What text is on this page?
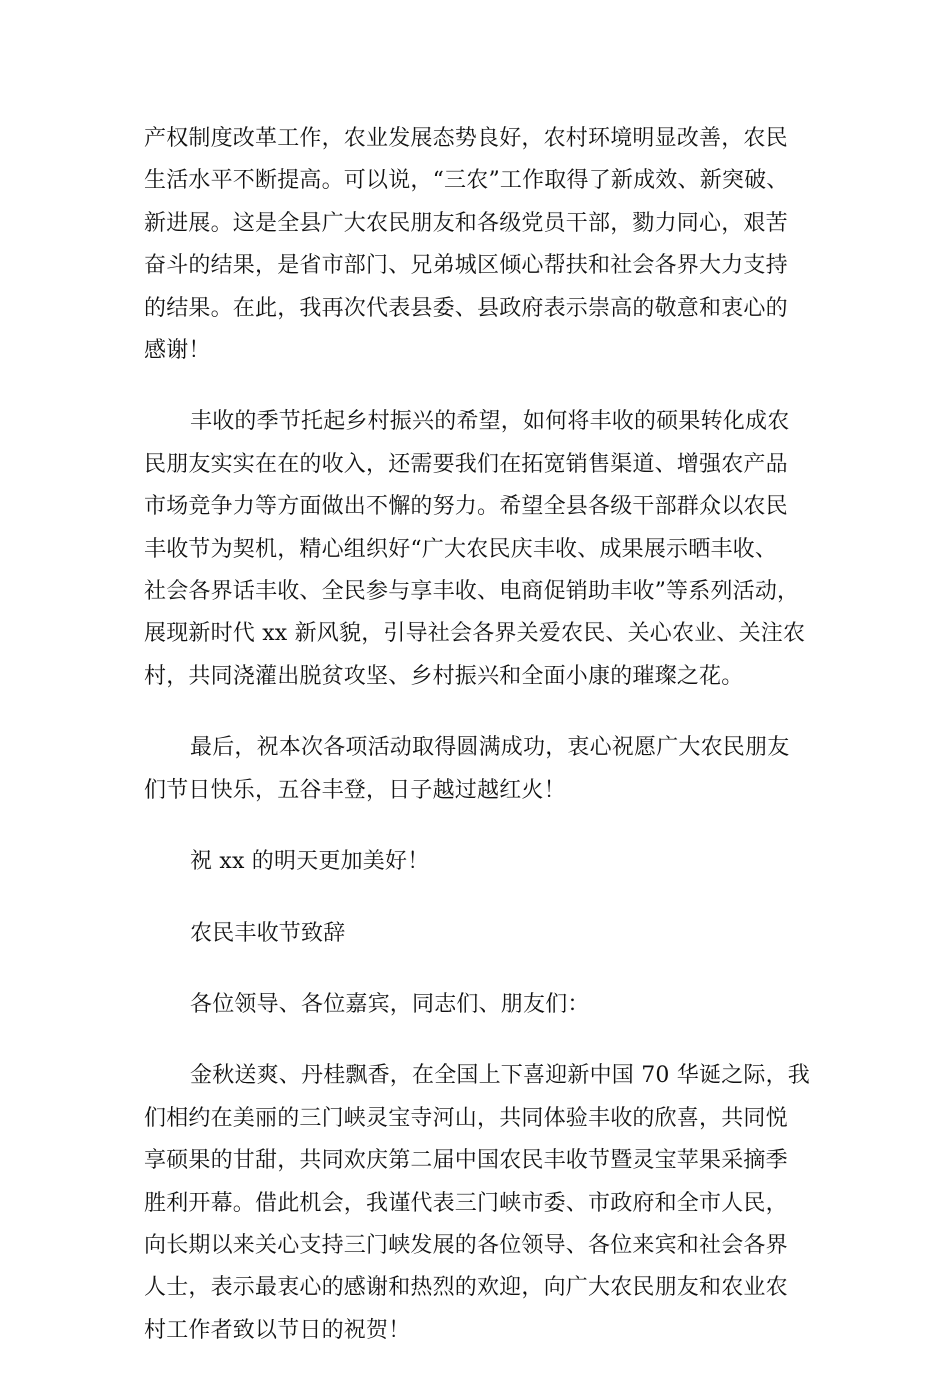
产权制度改革工作，农业发展态势良好，农村环境明显改善，农民
生活水平不断提高。可以说，“三农”工作取得了新成效、新突破、
新进展。这是全县广大农民朋友和各级党员干部，勠力同心，艰苦
奋斗的结果，是省市部门、兄弟城区倾心帮扶和社会各界大力支持
的结果。在此，我再次代表县委、县政府表示崇高的敬意和衷心的
感谢！

丰收的季节托起乡村振兴的希望，如何将丰收的硕果转化成农
民朋友实实在在的收入，还需要我们在拓宽销售渠道、增强农产品
市场竞争力等方面做出不懈的努力。希望全县各级干部群众以农民
丰收节为契机，精心组织好“广大农民庆丰收、成果展示晒丰收、
社会各界话丰收、全民参与享丰收、电商促销助丰收”等系列活动，
展现新时代 xx 新风貌，引导社会各界关爱农民、关心农业、关注农
村，共同浇灌出脱贫攻坚、乡村振兴和全面小康的璀璨之花。

最后，祝本次各项活动取得圆满成功，衷心祝愿广大农民朋友
们节日快乐，五谷丰登，日子越过越红火！

祝 xx 的明天更加美好！

农民丰收节致辞

各位领导、各位嘉宾，同志们、朋友们：

金秋送爽、丹桂飘香，在全国上下喜迎新中国 70 华诞之际，我
们相约在美丽的三门峡灵宝寺河山，共同体验丰收的欣喜，共同悦
享硕果的甘甜，共同欢庆第二届中国农民丰收节暨灵宝苹果采摘季
胜利开幕。借此机会，我谨代表三门峡市委、市政府和全市人民，
向长期以来关心支持三门峡发展的各位领导、各位来宾和社会各界
人士，表示最衷心的感谢和热烈的欢迎，向广大农民朋友和农业农
村工作者致以节日的祝贺！
